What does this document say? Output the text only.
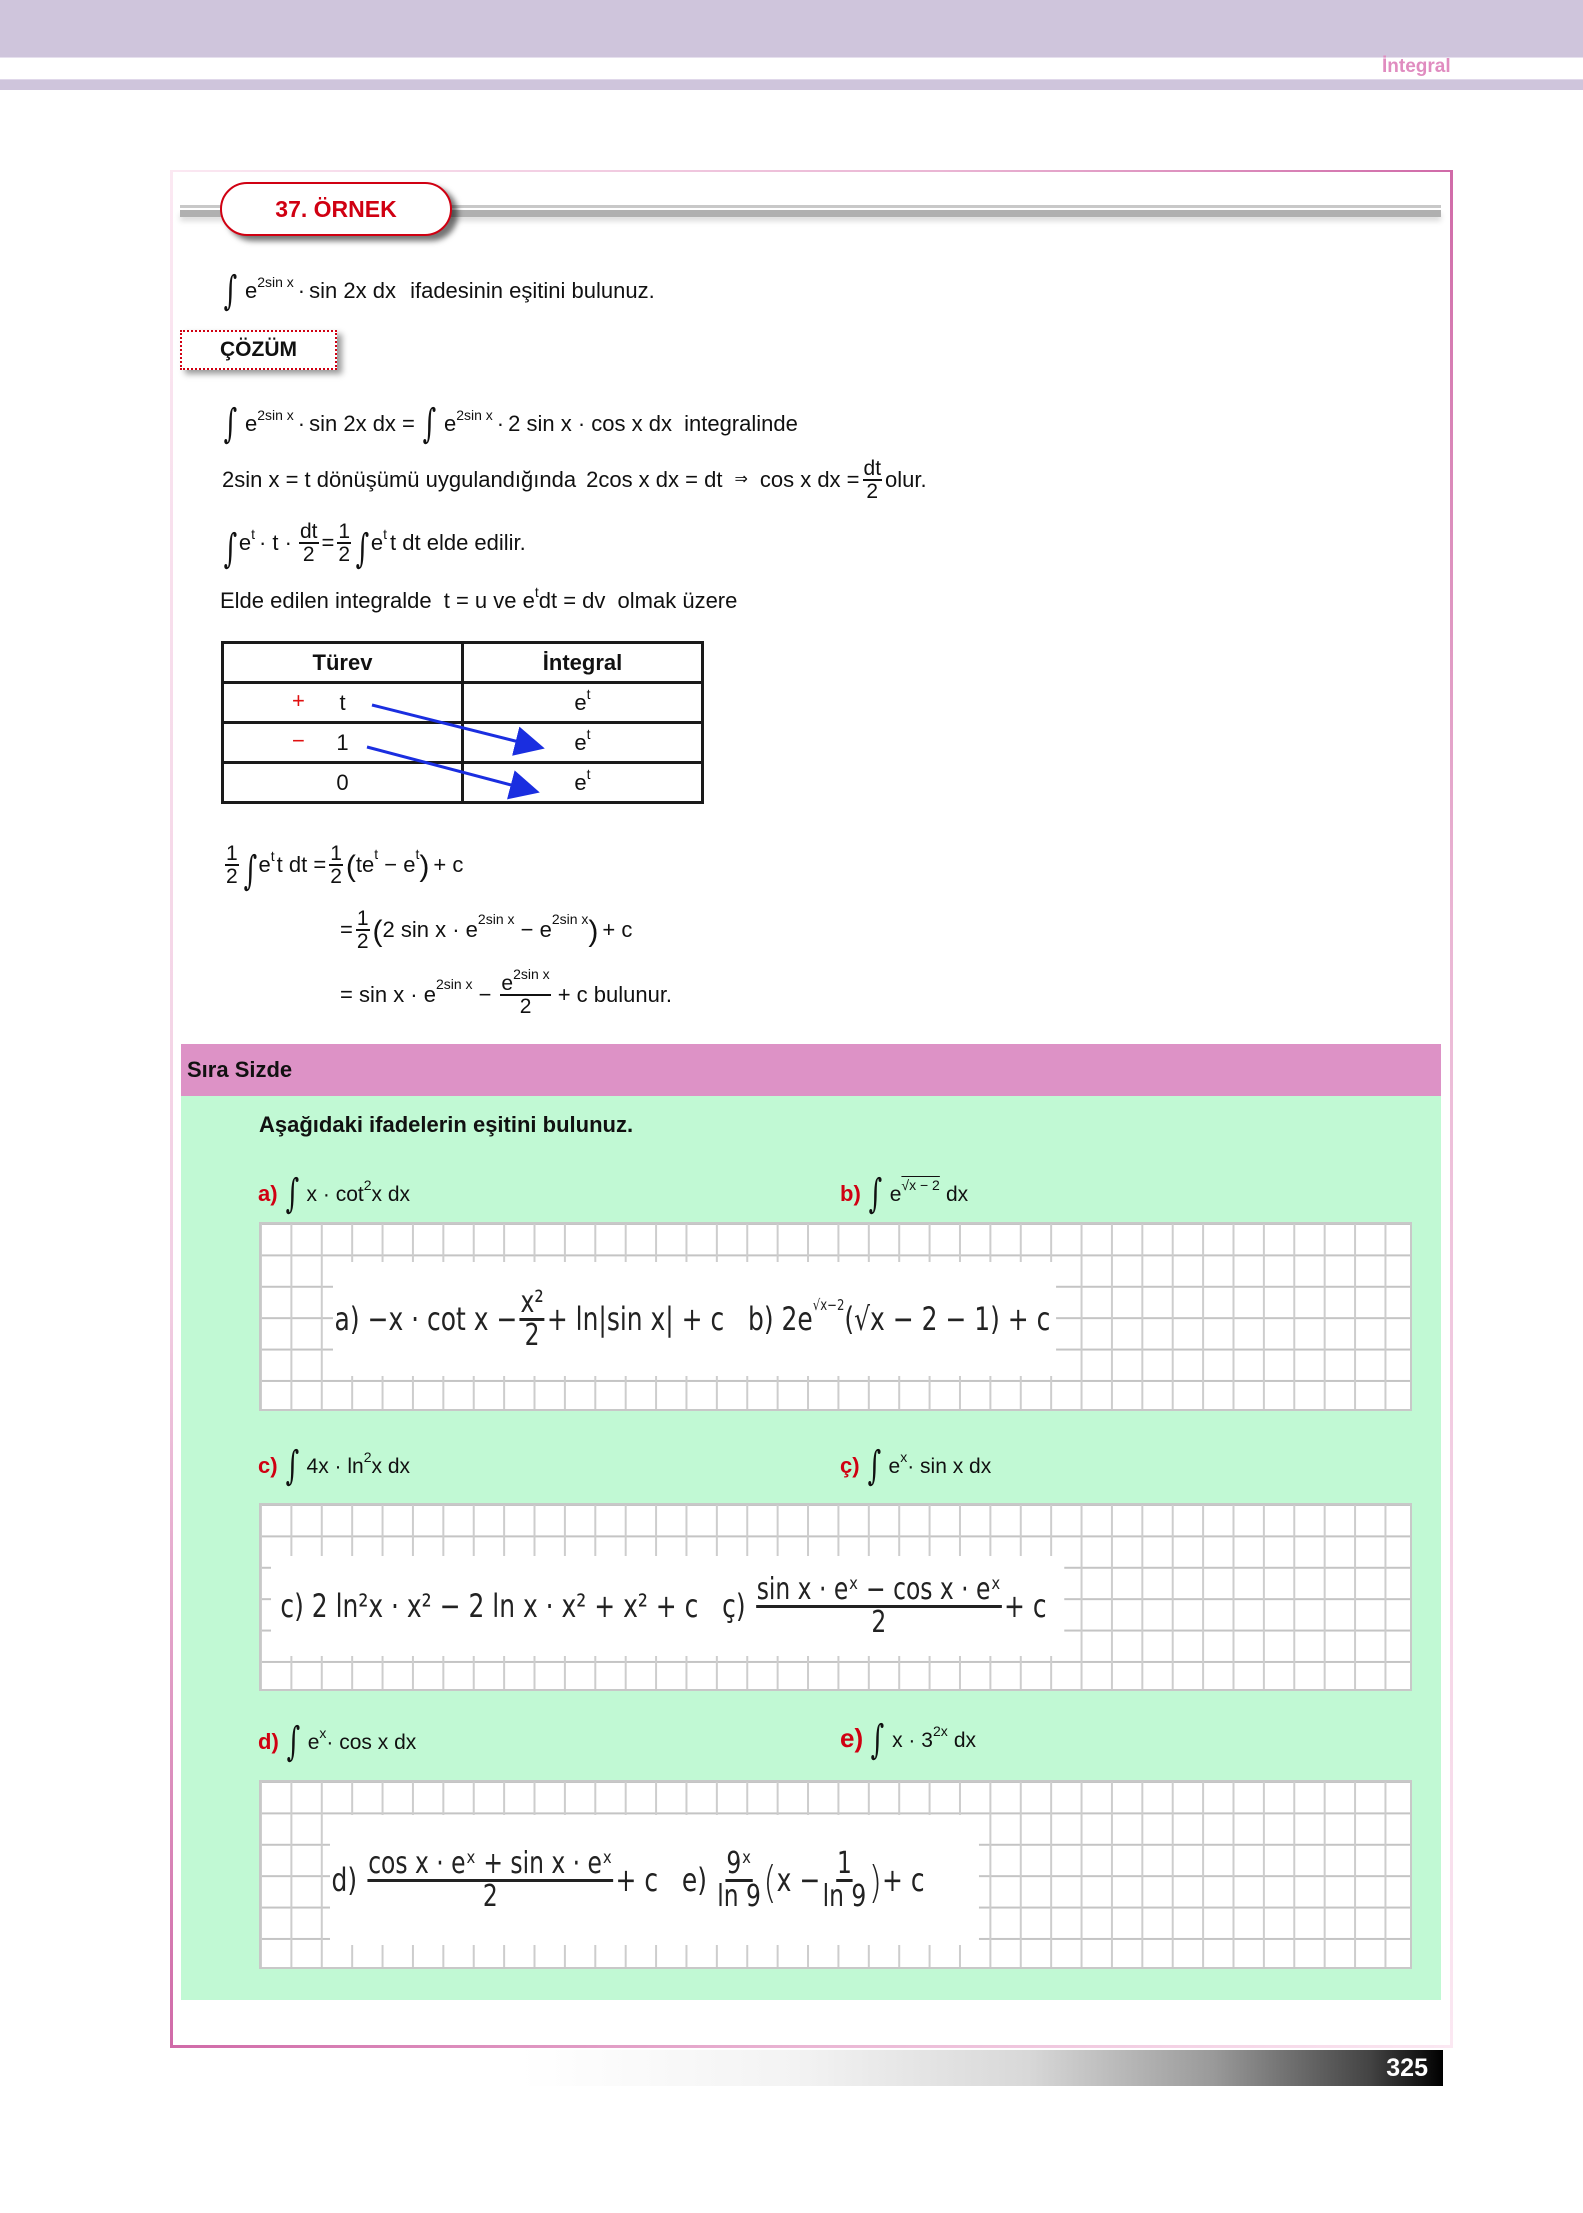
İntegral
37. ÖRNEK
∫ $e^{2sin x} \cdot \sin 2x$ dx ifadesinin eşitini bulunuz.
ÇÖZÜM
∫ $e^{2sin x} \cdot \sin 2x$ dx = ∫ $e^{2sin x} \cdot 2$ sin x · cos x dx integralinde
2sin x = t dönüşümü uygulandığında 2cos x dx = dt ⇒ cos x dx = $\frac{dt}{2}$ olur.
∫ $e^t \cdot t \cdot \frac{dt}{2} = \frac{1}{2}$ ∫ $e^t$ t dt elde edilir.
Elde edilen integralde t = u ve $e^tdt$ = dv olmak üzere
Türev	İntegral

+ t	$e^t$

− 1	$e^t$
0	$e^t$
$\frac{1}{2}$ ∫ $e^t$ t dt = $\frac{1}{2}$ ( $te^t$
− $e^t$ ) + c
= $\frac{1}{2}$ ( 2 $\sin x \cdot e^{2sin x}$
− $e^{2sin x}$ ) + c
= $\sin x \cdot e^{2sin x} - \frac{e^{2sin x}}{2} + c$ bulunur.
Sıra Sizde
Aşağıdaki ifadelerin eşitini bulunuz.
a) ∫ $x \cdot \cot^2x$ dx	b) ∫ $e^{√x - 2}$ dx
a)
$-x \cdot \cot x - \frac{\text{x²}}{2} + \ln|\sin$ x| + c
b)
$2e^{√x-2}$ (√x − 2 − 1) + c
c) ∫ $4x \cdot \ln^2x$ dx	ç) ∫ $e^x\cdot \sin x$ dx
c)
2 ln²x · x² − 2 ln x · x² + x² + c
ç)
$\frac{\text{sin x · eˣ − cos x · eˣ}}{2} + c$
d) ∫ $e^x\cdot \cos x$ dx	e) ∫ $x \cdot 3^{2x}$ dx
d)
$\frac{\text{cos x · eˣ + sin x · eˣ}}{2} + c$
e)
$\frac{\text{9ˣ}}{\ln 9}$ ( $x - \frac{1}{\ln 9}$ ) + c
325
